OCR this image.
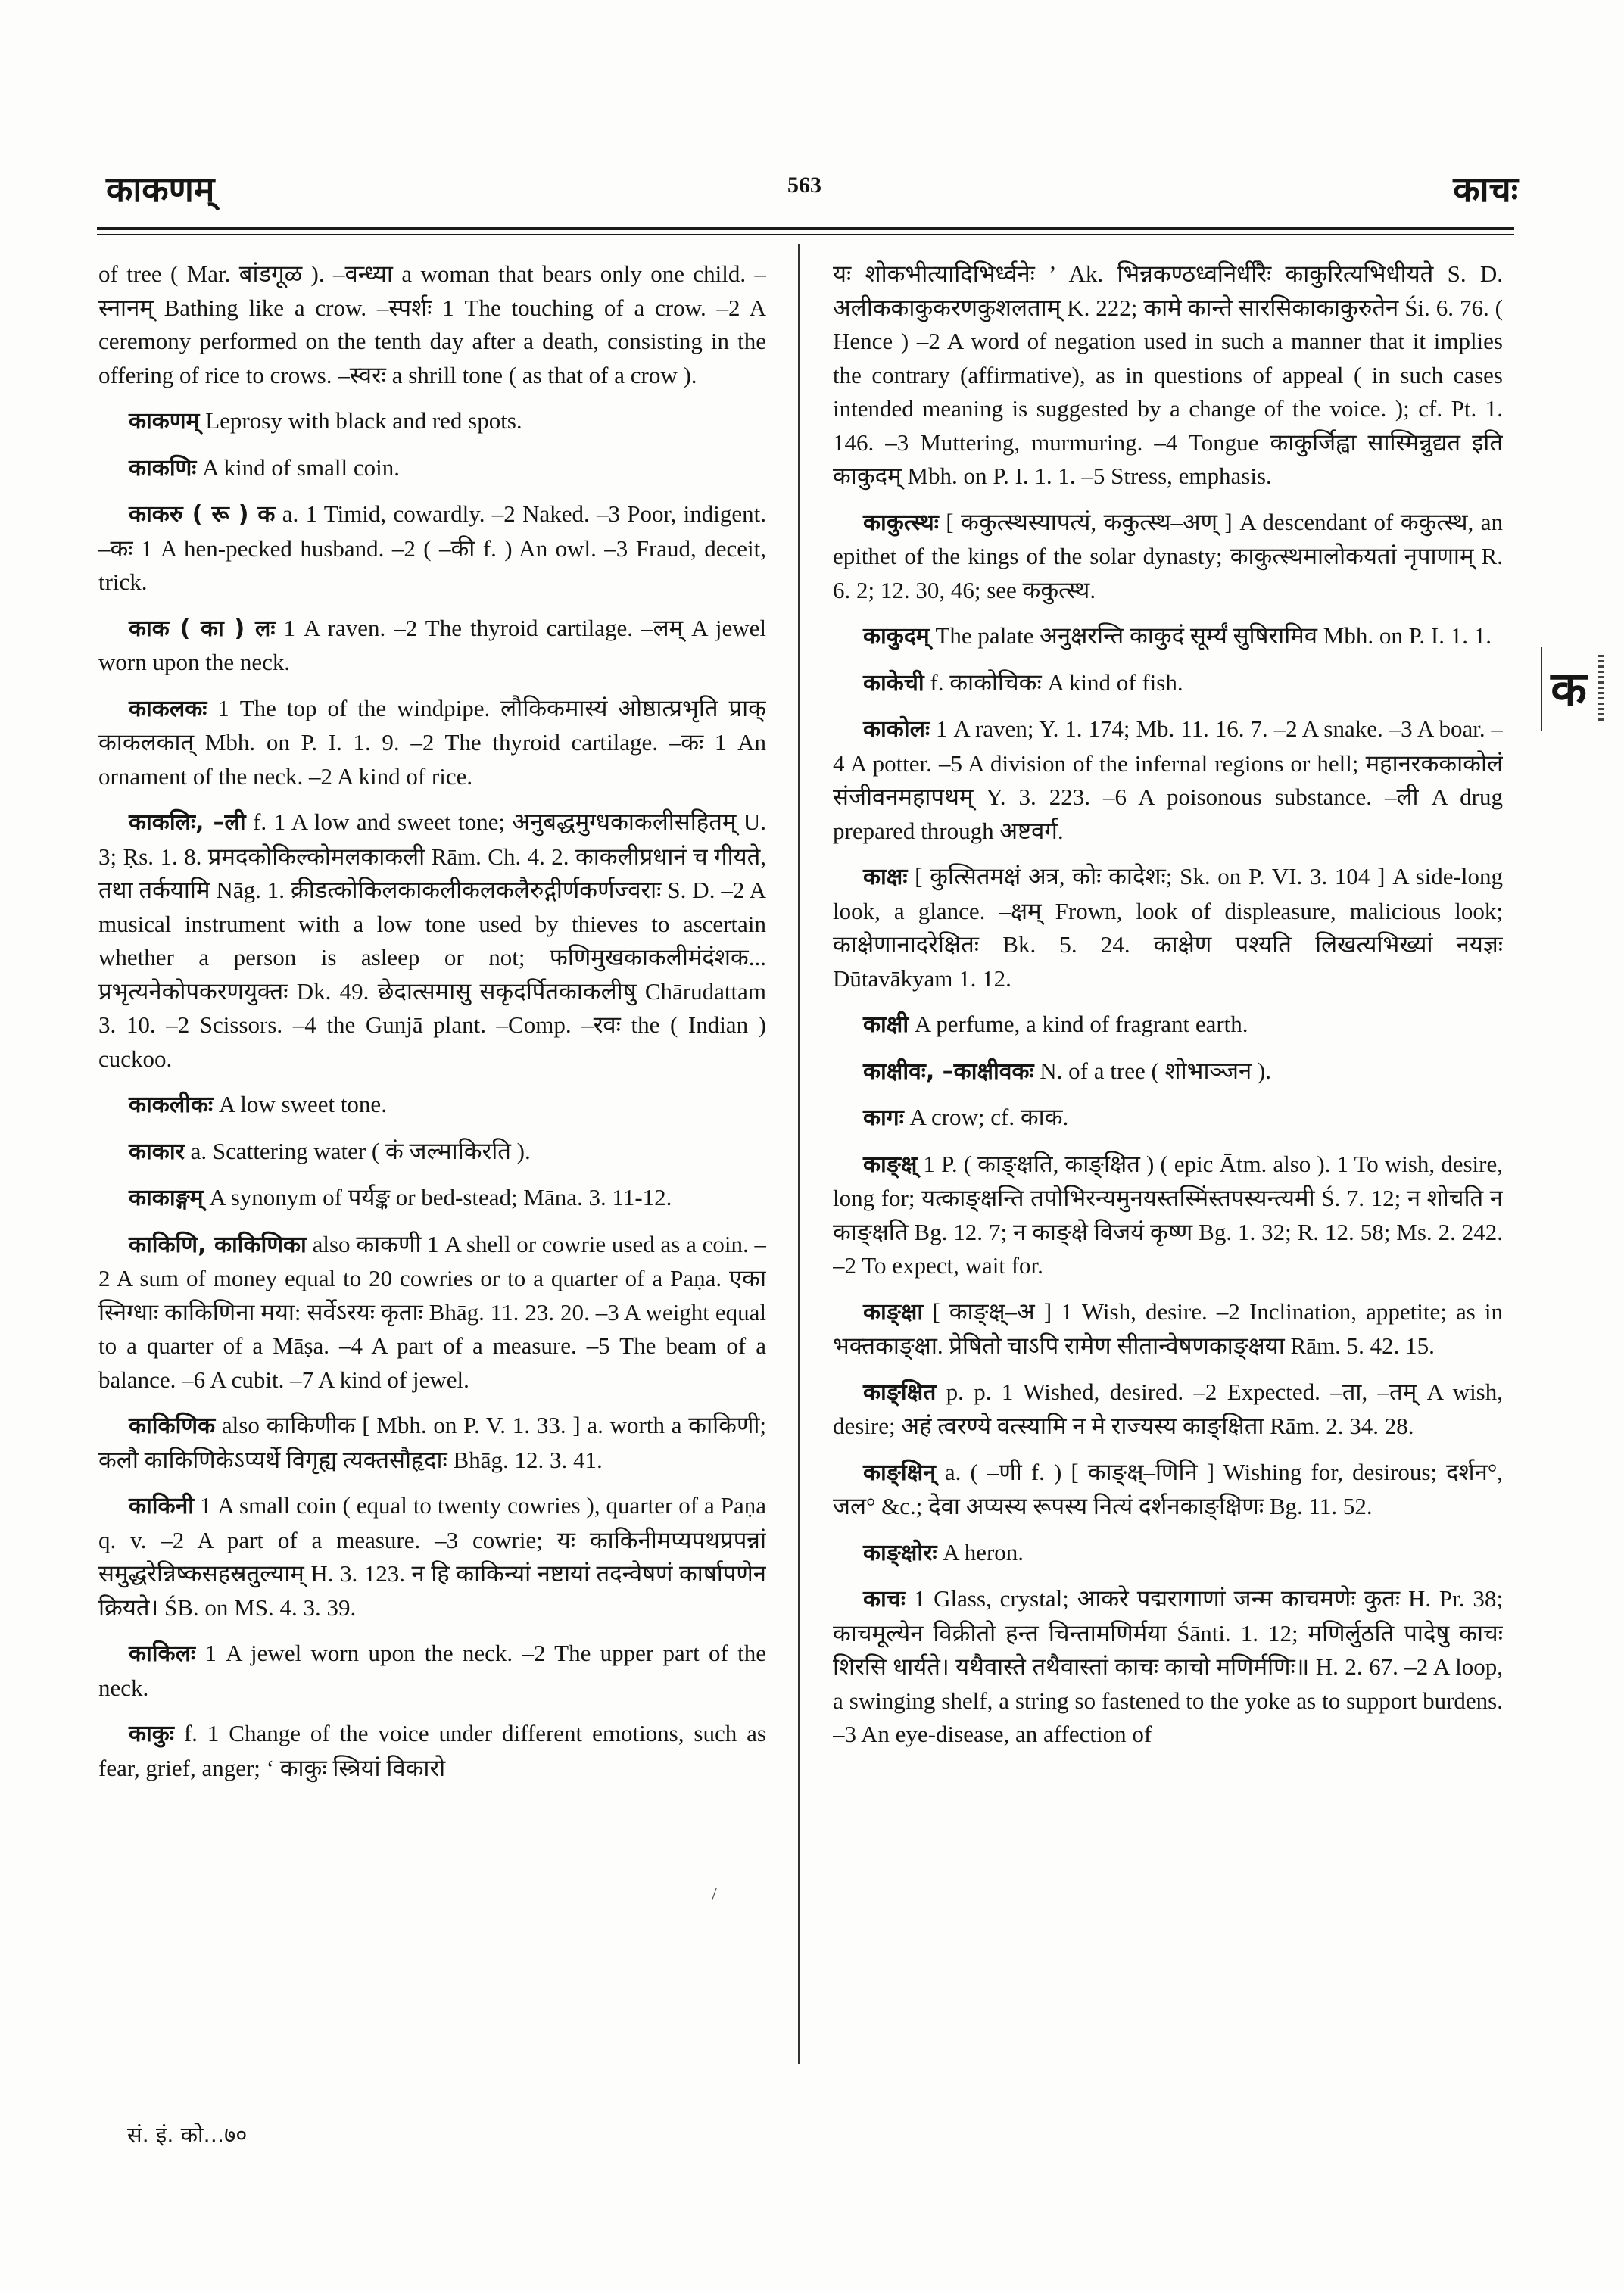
काकणम्	563	काचः

of tree ( Mar. बांडगूळ ). –वन्ध्या a woman that bears only one child. –स्नानम् Bathing like a crow. –स्पर्शः 1 The touching of a crow. –2 A ceremony performed on the tenth day after a death, consisting in the offering of rice to crows. –स्वरः a shrill tone ( as that of a crow ).

काकणम् Leprosy with black and red spots.

काकणिः A kind of small coin.

काकरु ( रू ) क a. 1 Timid, cowardly. –2 Naked. –3 Poor, indigent. –कः 1 A hen-pecked husband. –2 ( –की f. ) An owl. –3 Fraud, deceit, trick.

काक ( का ) लः 1 A raven. –2 The thyroid cartilage. –लम् A jewel worn upon the neck.

काकलकः 1 The top of the windpipe. लौकिकमास्यं ओष्ठात्प्रभृति प्राक् काकलकात् Mbh. on P. I. 1. 9. –2 The thyroid cartilage. –कः 1 An ornament of the neck. –2 A kind of rice.

काकलिः, –ली f. 1 A low and sweet tone; अनुबद्धमुग्धकाकलीसहितम् U. 3; Ṛs. 1. 8. प्रमदकोकिल्कोमलकाकली Rām. Ch. 4. 2. काकलीप्रधानं च गीयते, तथा तर्कयामि Nāg. 1. क्रीडत्कोकिलकाकलीकलकलैरुद्गीर्णकर्णज्वराः S. D. –2 A musical instrument with a low tone used by thieves to ascertain whether a person is asleep or not; फणिमुखकाकलीमंदंशक... प्रभृत्यनेकोपकरणयुक्तः Dk. 49. छेदात्समासु सकृदर्पितकाकलीषु Chārudattam 3. 10. –2 Scissors. –4 the Gunjā plant. –Comp. –रवः the ( Indian ) cuckoo.

काकलीकः A low sweet tone.

काकार a. Scattering water ( कं जल्माकिरति ).

काकाङ्गम् A synonym of पर्यङ्क or bed-stead; Māna. 3. 11-12.

काकिणि, काकिणिका also काकणी 1 A shell or cowrie used as a coin. –2 A sum of money equal to 20 cowries or to a quarter of a Paṇa. एका स्निग्धाः काकिणिना मया: सर्वेऽरयः कृताः Bhāg. 11. 23. 20. –3 A weight equal to a quarter of a Māṣa. –4 A part of a measure. –5 The beam of a balance. –6 A cubit. –7 A kind of jewel.

काकिणिक also काकिणीक [ Mbh. on P. V. 1. 33. ] a. worth a काकिणी; कलौ काकिणिकेऽप्यर्थे विगृह्य त्यक्तसौहृदाः Bhāg. 12. 3. 41.

काकिनी 1 A small coin ( equal to twenty cowries ), quarter of a Paṇa q. v. –2 A part of a measure. –3 cowrie; यः काकिनीमप्यपथप्रपन्नां समुद्धरेन्निष्कसहस्रतुल्याम् H. 3. 123. न हि काकिन्यां नष्टायां तदन्वेषणं कार्षापणेन क्रियते। ŚB. on MS. 4. 3. 39.

काकिलः 1 A jewel worn upon the neck. –2 The upper part of the neck.

काकुः f. 1 Change of the voice under different emotions, such as fear, grief, anger; ‘ काकुः स्त्रियां विकारो

यः शोकभीत्यादिभिर्ध्वनेः ’ Ak. भिन्नकण्ठध्वनिर्धीरैः काकुरित्यभिधीयते S. D. अलीककाकुकरणकुशलताम् K. 222; कामे कान्ते सारसिकाकाकुरुतेन Śi. 6. 76. ( Hence ) –2 A word of negation used in such a manner that it implies the contrary (affirmative), as in questions of appeal ( in such cases intended meaning is suggested by a change of the voice. ); cf. Pt. 1. 146. –3 Muttering, murmuring. –4 Tongue काकुर्जिह्वा सास्मिन्नुद्यत इति काकुदम् Mbh. on P. I. 1. 1. –5 Stress, emphasis.

काकुत्स्थः [ ककुत्स्थस्यापत्यं, ककुत्स्थ–अण् ] A descendant of ककुत्स्थ, an epithet of the kings of the solar dynasty; काकुत्स्थमालोकयतां नृपाणाम् R. 6. 2; 12. 30, 46; see ककुत्स्थ.

काकुदम् The palate अनुक्षरन्ति काकुदं सूर्म्यं सुषिरामिव Mbh. on P. I. 1. 1.

काकेची f. काकोचिकः A kind of fish.

काकोलः 1 A raven; Y. 1. 174; Mb. 11. 16. 7. –2 A snake. –3 A boar. –4 A potter. –5 A division of the infernal regions or hell; महानरककाकोलं संजीवनमहापथम् Y. 3. 223. –6 A poisonous substance. –ली A drug prepared through अष्टवर्ग.

काक्षः [ कुत्सितमक्षं अत्र, कोः कादेशः; Sk. on P. VI. 3. 104 ] A side-long look, a glance. –क्षम् Frown, look of displeasure, malicious look; काक्षेणानादरेक्षितः Bk. 5. 24. काक्षेण पश्यति लिखत्यभिख्यां नयज्ञः Dūtavākyam 1. 12.

काक्षी A perfume, a kind of fragrant earth.

काक्षीवः, –काक्षीवकः N. of a tree ( शोभाञ्जन ).

कागः A crow; cf. काक.

काङ्क्ष् 1 P. ( काङ्क्षति, काङ्क्षित ) ( epic Ātm. also ). 1 To wish, desire, long for; यत्काङ्क्षन्ति तपोभिरन्यमुनयस्तस्मिंस्तपस्यन्त्यमी Ś. 7. 12; न शोचति न काङ्क्षति Bg. 12. 7; न काङ्क्षे विजयं कृष्ण Bg. 1. 32; R. 12. 58; Ms. 2. 242. –2 To expect, wait for.

काङ्क्षा [ काङ्क्ष्–अ ] 1 Wish, desire. –2 Inclination, appetite; as in भक्तकाङ्क्षा. प्रेषितो चाऽपि रामेण सीतान्वेषणकाङ्क्षया Rām. 5. 42. 15.

काङ्क्षित p. p. 1 Wished, desired. –2 Expected. –ता, –तम् A wish, desire; अहं त्वरण्ये वत्स्यामि न मे राज्यस्य काङ्क्षिता Rām. 2. 34. 28.

काङ्क्षिन् a. ( –णी f. ) [ काङ्क्ष्–णिनि ] Wishing for, desirous; दर्शन°, जल° &c.; देवा अप्यस्य रूपस्य नित्यं दर्शनकाङ्क्षिणः Bg. 11. 52.

काङ्क्षोरः A heron.

काचः 1 Glass, crystal; आकरे पद्मरागाणां जन्म काचमणेः कुतः H. Pr. 38; काचमूल्येन विक्रीतो हन्त चिन्तामणिर्मया Śānti. 1. 12; मणिर्लुठति पादेषु काचः शिरसि धार्यते। यथैवास्ते तथैवास्तां काचः काचो मणिर्मणिः॥ H. 2. 67. –2 A loop, a swinging shelf, a string so fastened to the yoke as to support burdens. –3 An eye-disease, an affection of

क
/
सं. इं. को...७०
